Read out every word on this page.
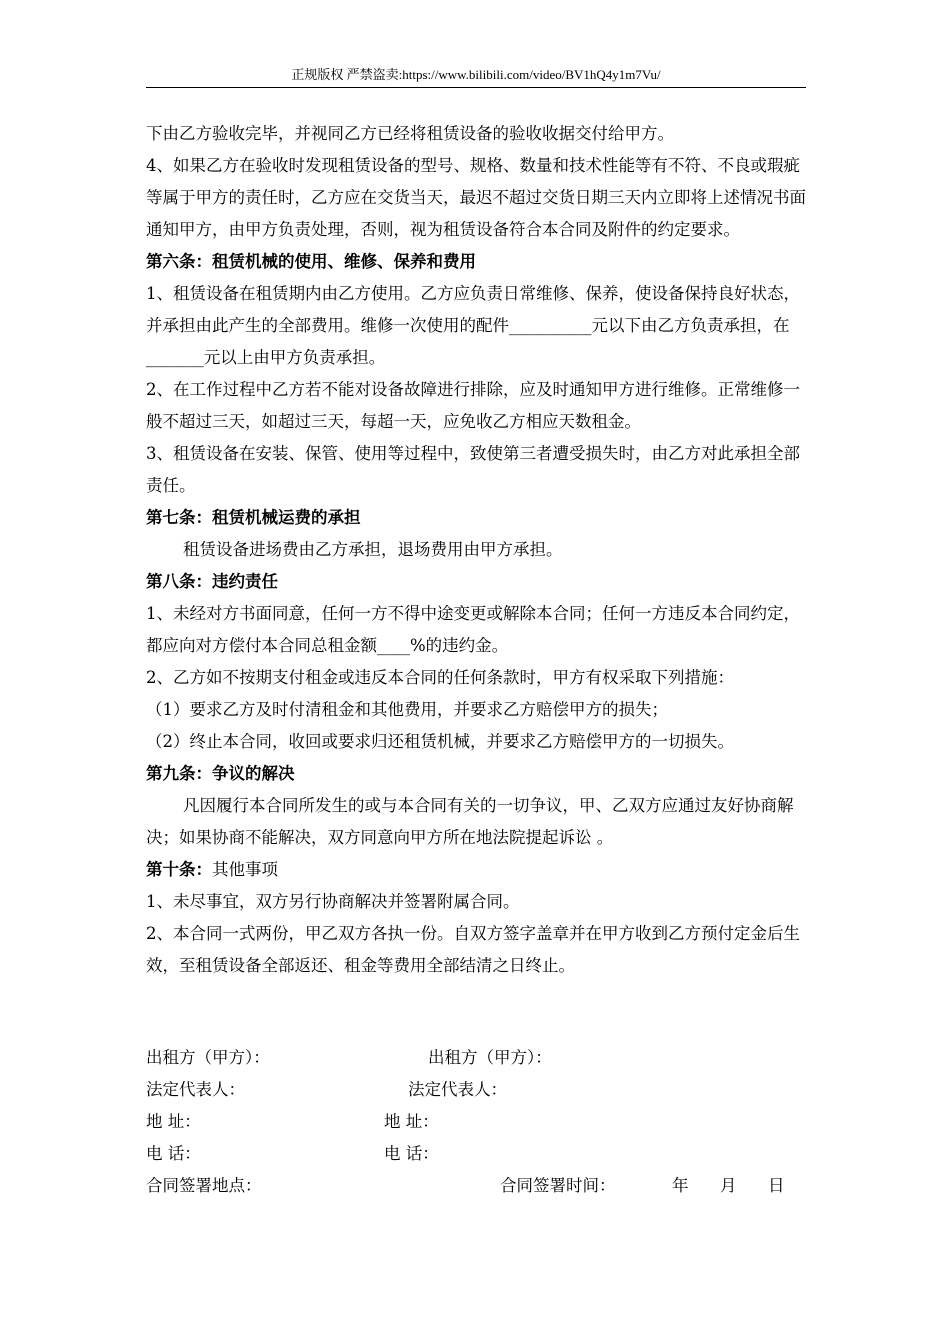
正规版权 严禁盗卖:https://www.bilibili.com/video/BV1hQ4y1m7Vu/

下由乙方验收完毕，并视同乙方已经将租赁设备的验收收据交付给甲方。

4、如果乙方在验收时发现租赁设备的型号、规格、数量和技术性能等有不符、不良或瑕疵等属于甲方的责任时，乙方应在交货当天，最迟不超过交货日期三天内立即将上述情况书面通知甲方，由甲方负责处理，否则，视为租赁设备符合本合同及附件的约定要求。

第六条：租赁机械的使用、维修、保养和费用

1、租赁设备在租赁期内由乙方使用。乙方应负责日常维修、保养，使设备保持良好状态，并承担由此产生的全部费用。维修一次使用的配件__________元以下由乙方负责承担，在_______元以上由甲方负责承担。

2、在工作过程中乙方若不能对设备故障进行排除，应及时通知甲方进行维修。正常维修一般不超过三天，如超过三天，每超一天，应免收乙方相应天数租金。

3、租赁设备在安装、保管、使用等过程中，致使第三者遭受损失时，由乙方对此承担全部责任。

第七条：租赁机械运费的承担

租赁设备进场费由乙方承担，退场费用由甲方承担。

第八条：违约责任

1、未经对方书面同意，任何一方不得中途变更或解除本合同；任何一方违反本合同约定，都应向对方偿付本合同总租金额____%的违约金。

2、乙方如不按期支付租金或违反本合同的任何条款时，甲方有权采取下列措施：

（1）要求乙方及时付清租金和其他费用，并要求乙方赔偿甲方的损失；

（2）终止本合同，收回或要求归还租赁机械，并要求乙方赔偿甲方的一切损失。

第九条：争议的解决

凡因履行本合同所发生的或与本合同有关的一切争议，甲、乙双方应通过友好协商解决；如果协商不能解决，双方同意向甲方所在地法院提起诉讼 。

第十条：其他事项

1、未尽事宜，双方另行协商解决并签署附属合同。

2、本合同一式两份，甲乙双方各执一份。自双方签字盖章并在甲方收到乙方预付定金后生效，至租赁设备全部返还、租金等费用全部结清之日终止。

出租方（甲方）：	出租方（甲方）：
法定代表人：	法定代表人：
地 址：	地 址：
电 话：	电 话：
合同签署地点：	合同签署时间：	年 月 日
